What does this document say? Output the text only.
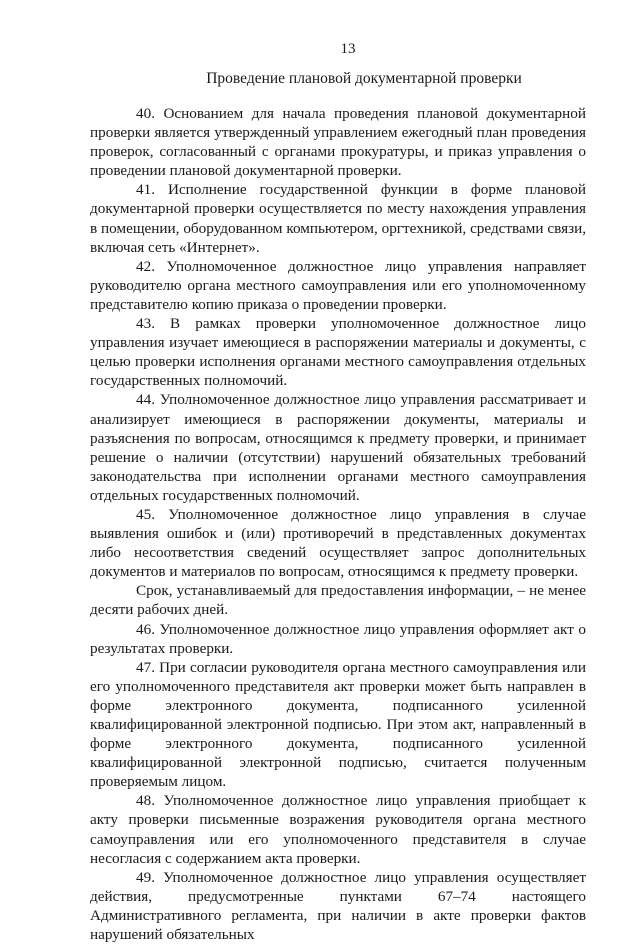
13
Проведение плановой документарной проверки

40. Основанием для начала проведения плановой документарной проверки является утвержденный управлением ежегодный план проведения проверок, согласованный с органами прокуратуры, и приказ управления о проведении плановой документарной проверки.

41. Исполнение государственной функции в форме плановой документарной проверки осуществляется по месту нахождения управления в помещении, оборудованном компьютером, оргтехникой, средствами связи, включая сеть «Интернет».

42. Уполномоченное должностное лицо управления направляет руководителю органа местного самоуправления или его уполномоченному представителю копию приказа о проведении проверки.

43. В рамках проверки уполномоченное должностное лицо управления изучает имеющиеся в распоряжении материалы и документы, с целью проверки исполнения органами местного самоуправления отдельных государственных полномочий.

44. Уполномоченное должностное лицо управления рассматривает и анализирует имеющиеся в распоряжении документы, материалы и разъяснения по вопросам, относящимся к предмету проверки, и принимает решение о наличии (отсутствии) нарушений обязательных требований законодательства при исполнении органами местного самоуправления отдельных государственных полномочий.

45. Уполномоченное должностное лицо управления в случае выявления ошибок и (или) противоречий в представленных документах либо несоответствия сведений осуществляет запрос дополнительных документов и материалов по вопросам, относящимся к предмету проверки.

Срок, устанавливаемый для предоставления информации, – не менее десяти рабочих дней.

46. Уполномоченное должностное лицо управления оформляет акт о результатах проверки.

47. При согласии руководителя органа местного самоуправления или его уполномоченного представителя акт проверки может быть направлен в форме электронного документа, подписанного усиленной квалифицированной электронной подписью. При этом акт, направленный в форме электронного документа, подписанного усиленной квалифицированной электронной подписью, считается полученным проверяемым лицом.

48. Уполномоченное должностное лицо управления приобщает к акту проверки письменные возражения руководителя органа местного самоуправления или его уполномоченного представителя в случае несогласия с содержанием акта проверки.

49. Уполномоченное должностное лицо управления осуществляет действия, предусмотренные пунктами 67–74 настоящего Административного регламента, при наличии в акте проверки фактов нарушений обязательных
